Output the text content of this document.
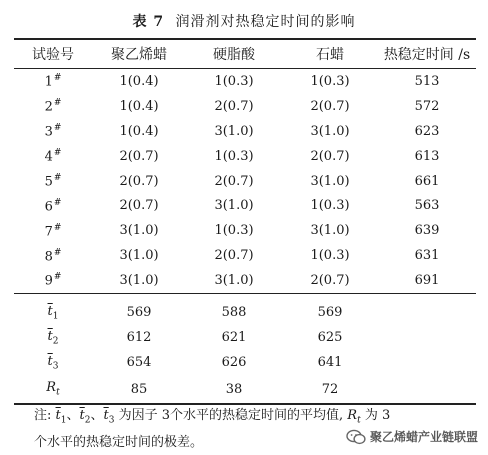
表 7 润滑剂对热稳定时间的影响
试验号	聚乙烯蜡	硬脂酸	石蜡	热稳定时间 /s
1#	1(0.4)	1(0.3)	1(0.3)	513
2#	1(0.4)	2(0.7)	2(0.7)	572
3#	1(0.4)	3(1.0)	3(1.0)	623
4#	2(0.7)	1(0.3)	2(0.7)	613
5#	2(0.7)	2(0.7)	3(1.0)	661
6#	2(0.7)	3(1.0)	1(0.3)	563
7#	3(1.0)	1(0.3)	3(1.0)	639
8#	3(1.0)	2(0.7)	1(0.3)	631
9#	3(1.0)	3(1.0)	2(0.7)	691
$\overline{t}_1$	569	588	569	
$\overline{t}_2$	612	621	625	
$\overline{t}_3$	654	626	641	
$R_t$	85	38	72	
注: $\overline{t}_1$、$\overline{t}_2$、$\overline{t}_3$ 为因子 3个水平的热稳定时间的平均值, $R_t$ 为 3
个水平的热稳定时间的极差。	聚乙烯蜡产业链联盟
